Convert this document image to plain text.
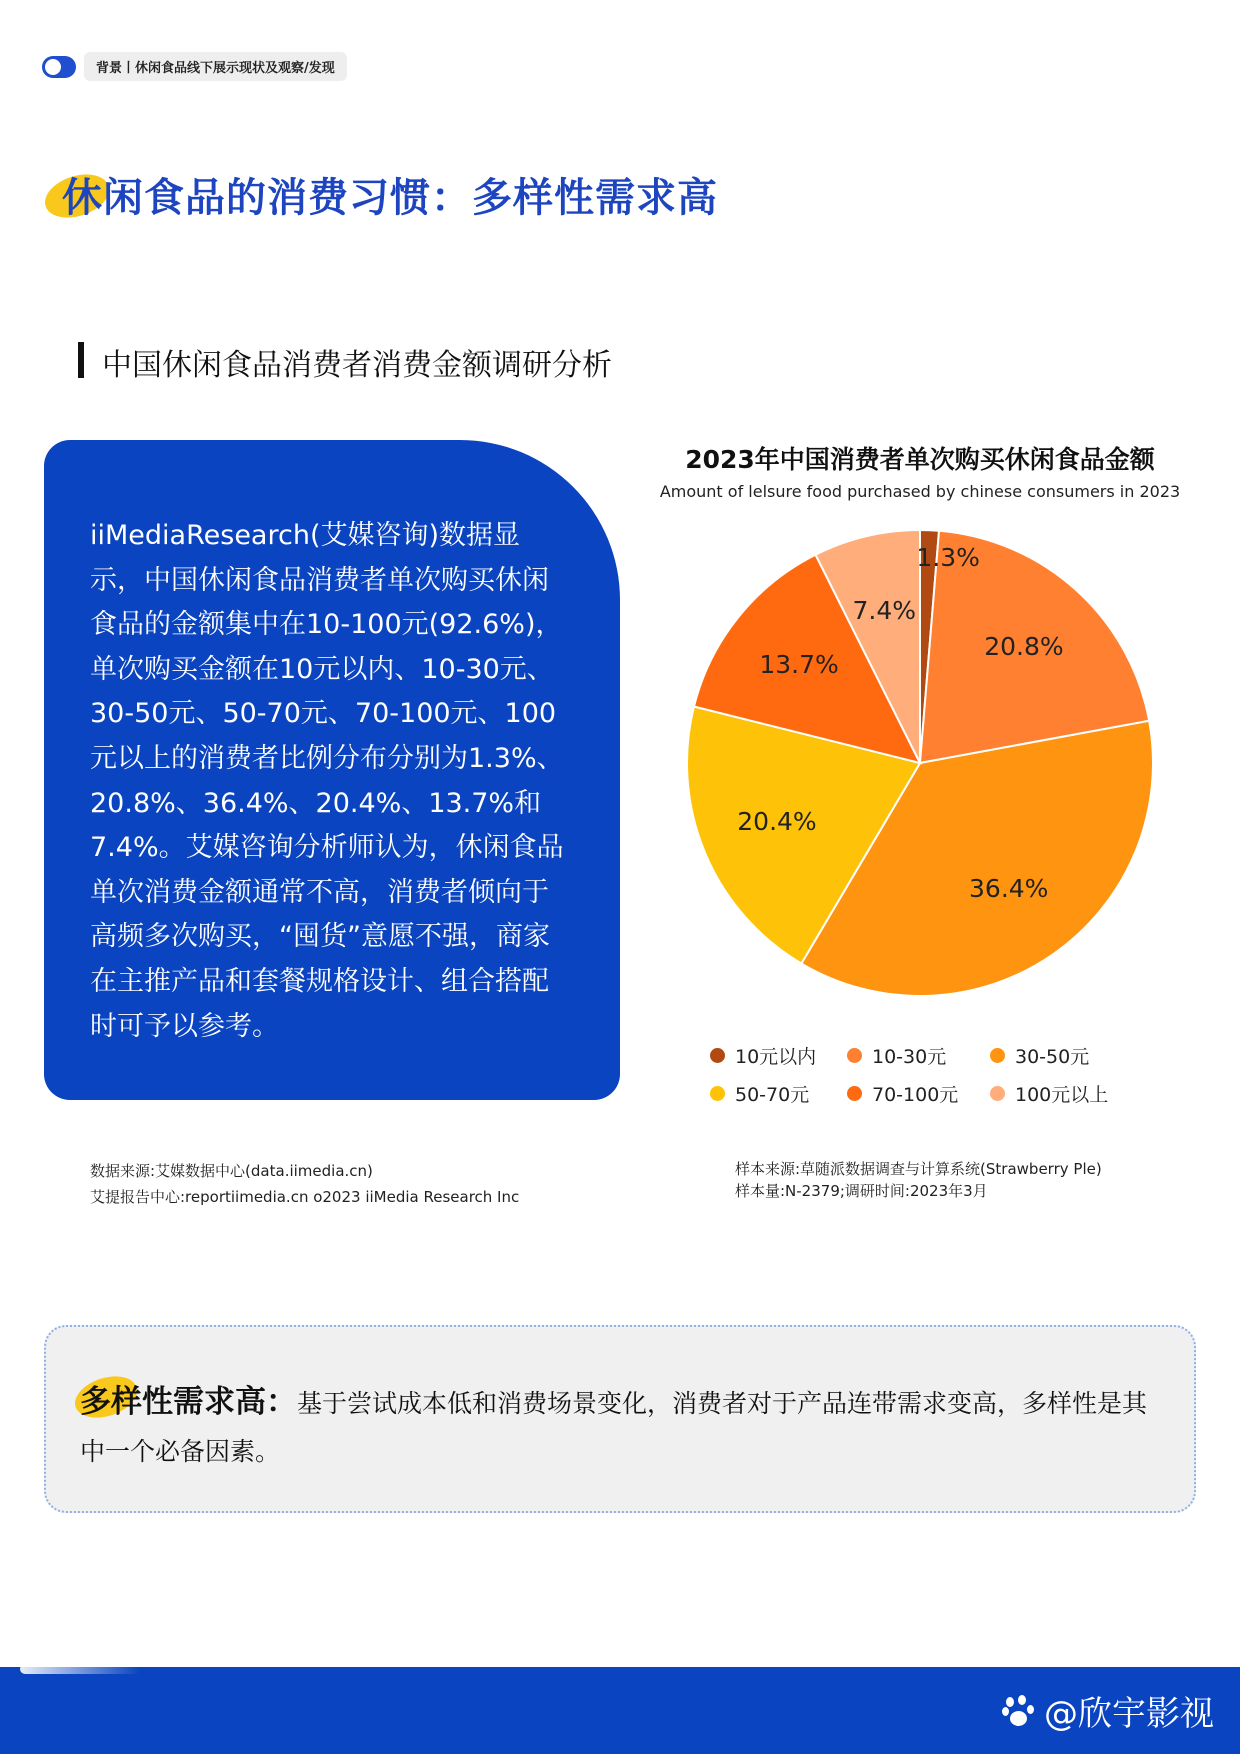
背景丨休闲食品线下展示现状及观察/发现
休闲食品的消费习惯：多样性需求高
中国休闲食品消费者消费金额调研分析
iiMediaResearch(艾媒咨询)数据显示，中国休闲食品消费者单次购买休闲食品的金额集中在10-100元(92.6%)，单次购买金额在10元以内、10-30元、30-50元、50-70元、70-100元、100元以上的消费者比例分布分别为1.3%、20.8%、36.4%、20.4%、13.7%和7.4%。艾媒咨询分析师认为，休闲食品单次消费金额通常不高，消费者倾向于高频多次购买，“囤货”意愿不强，商家在主推产品和套餐规格设计、组合搭配时可予以参考。
2023年中国消费者单次购买休闲食品金额
Amount of lelsure food purchased by chinese consumers in 2023
1.3%
20.8%
36.4%
20.4%
13.7%
7.4%
10元以内	10-30元	30-50元
50-70元	70-100元	100元以上
数据来源:艾媒数据中心(data.iimedia.cn)
艾提报告中心:reportiimedia.cn o2023 iiMedia Research Inc
样本来源:草随派数据调查与计算系统(Strawberry Ple)
样本量:N-2379;调研时间:2023年3月
多样性需求高：基于尝试成本低和消费场景变化，消费者对于产品连带需求变高，多样性是其中一个必备因素。
@欣宇影视
